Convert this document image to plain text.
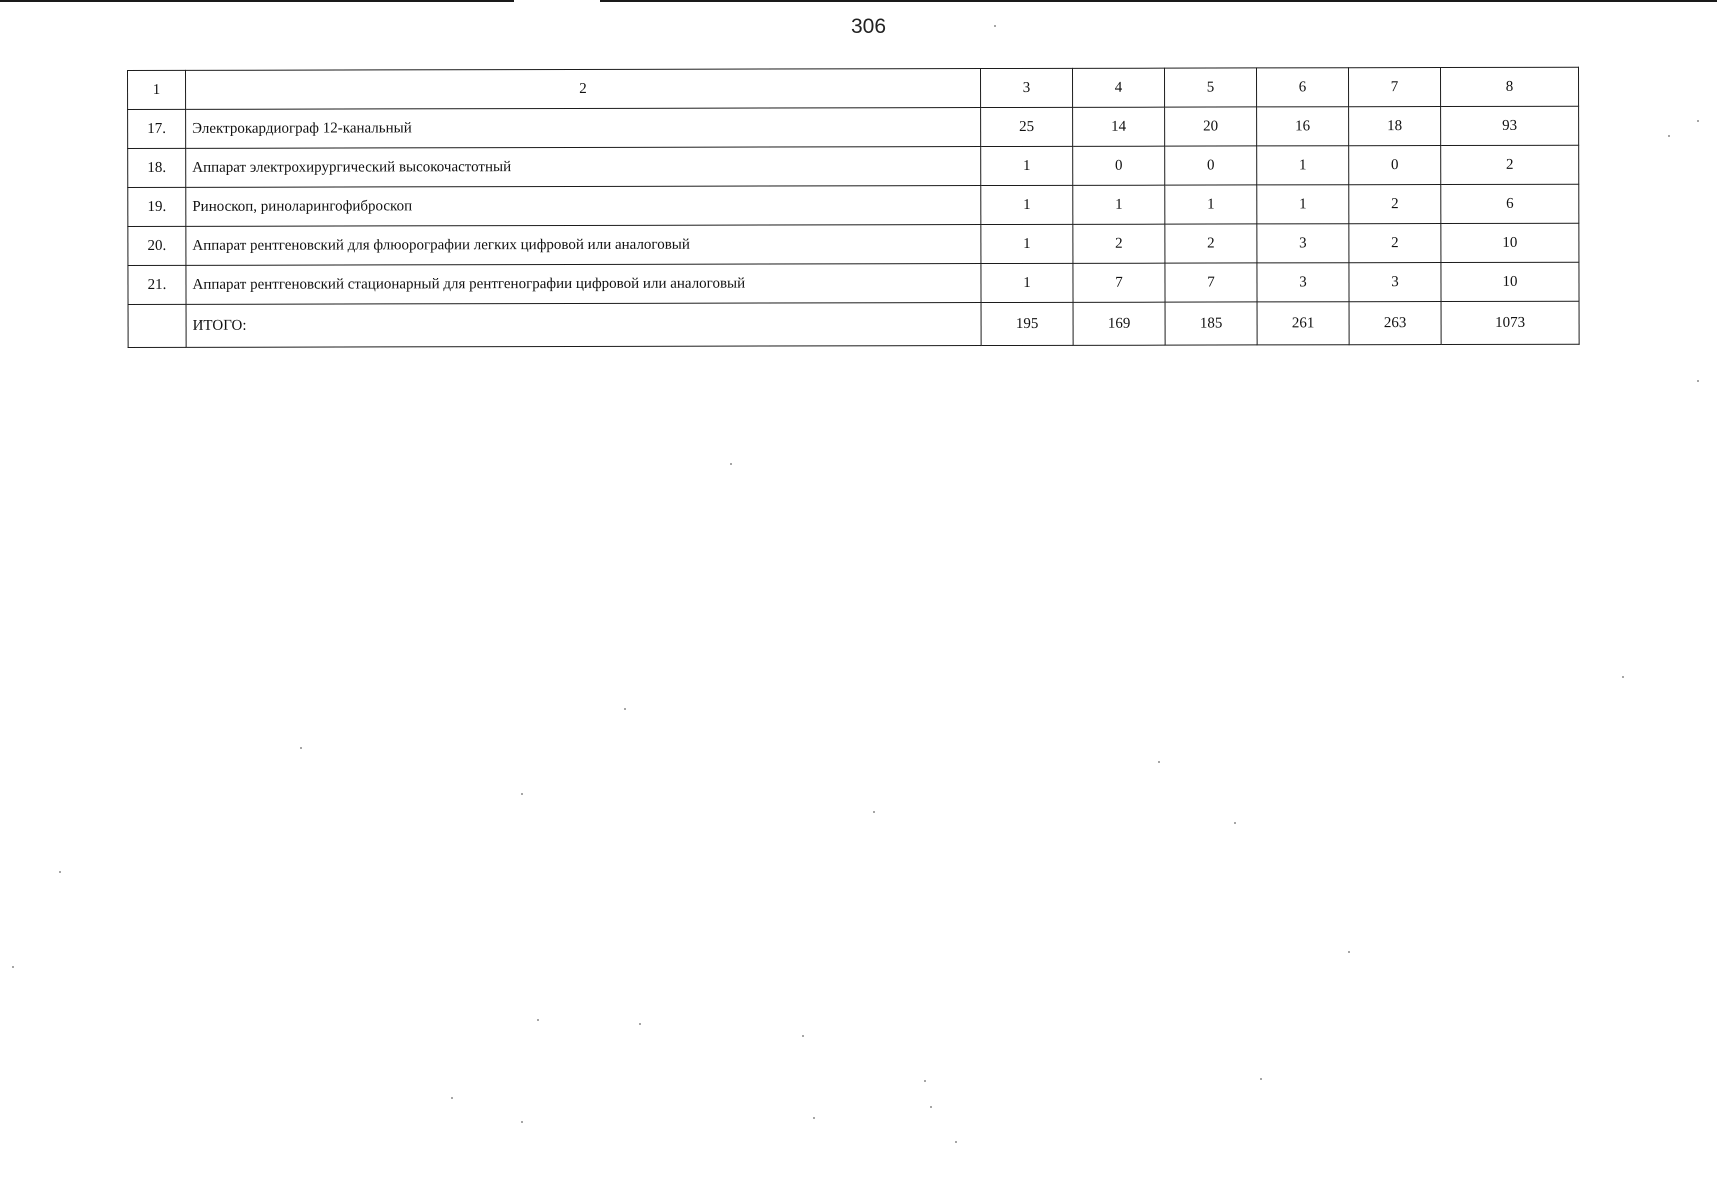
306
1	2	3	4	5	6	7	8
17.	Электрокардиограф 12-канальный	25	14	20	16	18	93
18.	Аппарат электрохирургический высокочастотный	1	0	0	1	0	2
19.	Риноскоп, риноларингофиброскоп	1	1	1	1	2	6
20.	Аппарат рентгеновский для флюорографии легких цифровой или аналоговый	1	2	2	3	2	10
21.	Аппарат рентгеновский стационарный для рентгенографии цифровой или аналоговый	1	7	7	3	3	10
	ИТОГО:	195	169	185	261	263	1073
